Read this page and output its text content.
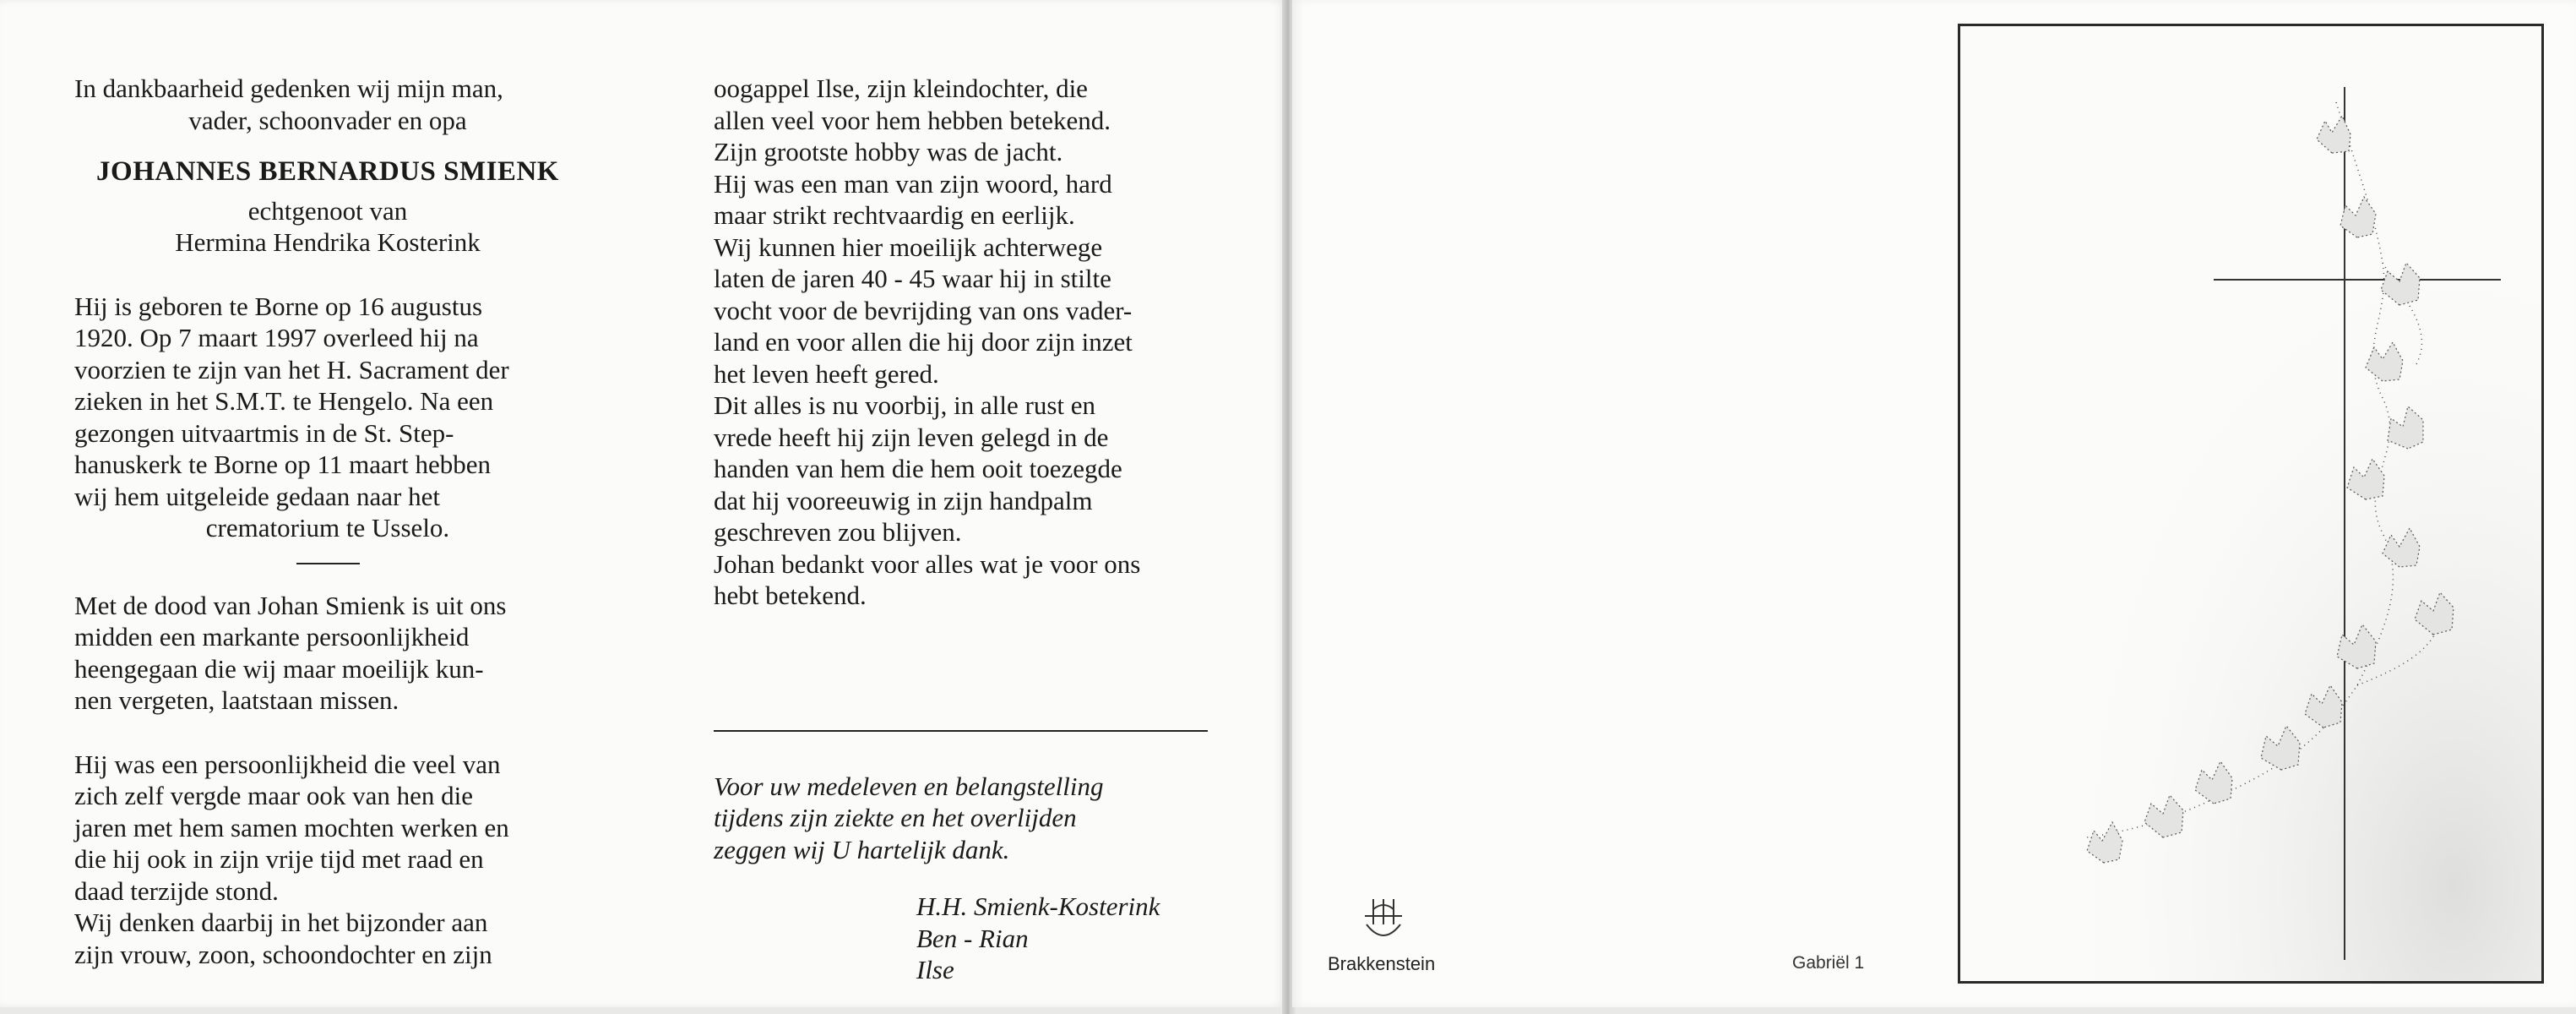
In dankbaarheid gedenken wij mijn man,
vader, schoonvader en opa
JOHANNES BERNARDUS SMIENK
echtgenoot van
Hermina Hendrika Kosterink
Hij is geboren te Borne op 16 augustus
1920. Op 7 maart 1997 overleed hij na
voorzien te zijn van het H. Sacrament der
zieken in het S.M.T. te Hengelo. Na een
gezongen uitvaartmis in de St. Step-
hanuskerk te Borne op 11 maart hebben
wij hem uitgeleide gedaan naar het
crematorium te Usselo.
Met de dood van Johan Smienk is uit ons
midden een markante persoonlijkheid
heengegaan die wij maar moeilijk kun-
nen vergeten, laatstaan missen.
Hij was een persoonlijkheid die veel van
zich zelf vergde maar ook van hen die
jaren met hem samen mochten werken en
die hij ook in zijn vrije tijd met raad en
daad terzijde stond.
Wij denken daarbij in het bijzonder aan
zijn vrouw, zoon, schoondochter en zijn
oogappel Ilse, zijn kleindochter, die
allen veel voor hem hebben betekend.
Zijn grootste hobby was de jacht.
Hij was een man van zijn woord, hard
maar strikt rechtvaardig en eerlijk.
Wij kunnen hier moeilijk achterwege
laten de jaren 40 - 45 waar hij in stilte
vocht voor de bevrijding van ons vader-
land en voor allen die hij door zijn inzet
het leven heeft gered.
Dit alles is nu voorbij, in alle rust en
vrede heeft hij zijn leven gelegd in de
handen van hem die hem ooit toezegde
dat hij vooreeuwig in zijn handpalm
geschreven zou blijven.
Johan bedankt voor alles wat je voor ons
hebt betekend.
Voor uw medeleven en belangstelling
tijdens zijn ziekte en het overlijden
zeggen wij U hartelijk dank.
H.H. Smienk-Kosterink
Ben - Rian
Ilse	Brakkenstein	Gabriël 1
